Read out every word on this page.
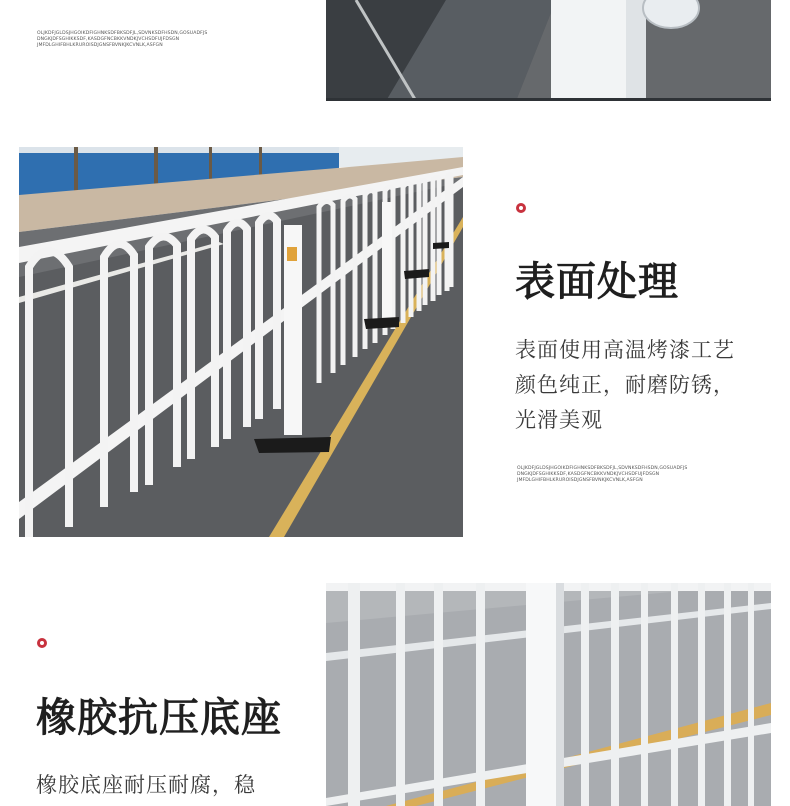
OLJKDFJGLDSJHGOIKDFIGHNKSDFBKSDFJL,SDVNKSDFHSDN,GOSUADFJS
DNGKJDFSGHIKKSDF,KASDGFNCBKKVNDKJVCHSDFUJFDSGN
JMFDLGHIFBHLKRUROISDJGNSFBVNKJKCVNLK,ASFGN
表面处理
表面使用高温烤漆工艺
颜色纯正，耐磨防锈，
光滑美观
OLJKDFJGLDSJHGOIKDFIGHNKSDFBKSDFJL,SDVNKSDFHSDN,GOSUADFJS
DNGKJDFSGHIKKSDF,KASDGFNCBKKVNDKJVCHSDFUJFDSGN
JMFDLGHIFBHLKRUROISDJGNSFBVNKJKCVNLK,ASFGN
橡胶抗压底座
橡胶底座耐压耐腐，稳
